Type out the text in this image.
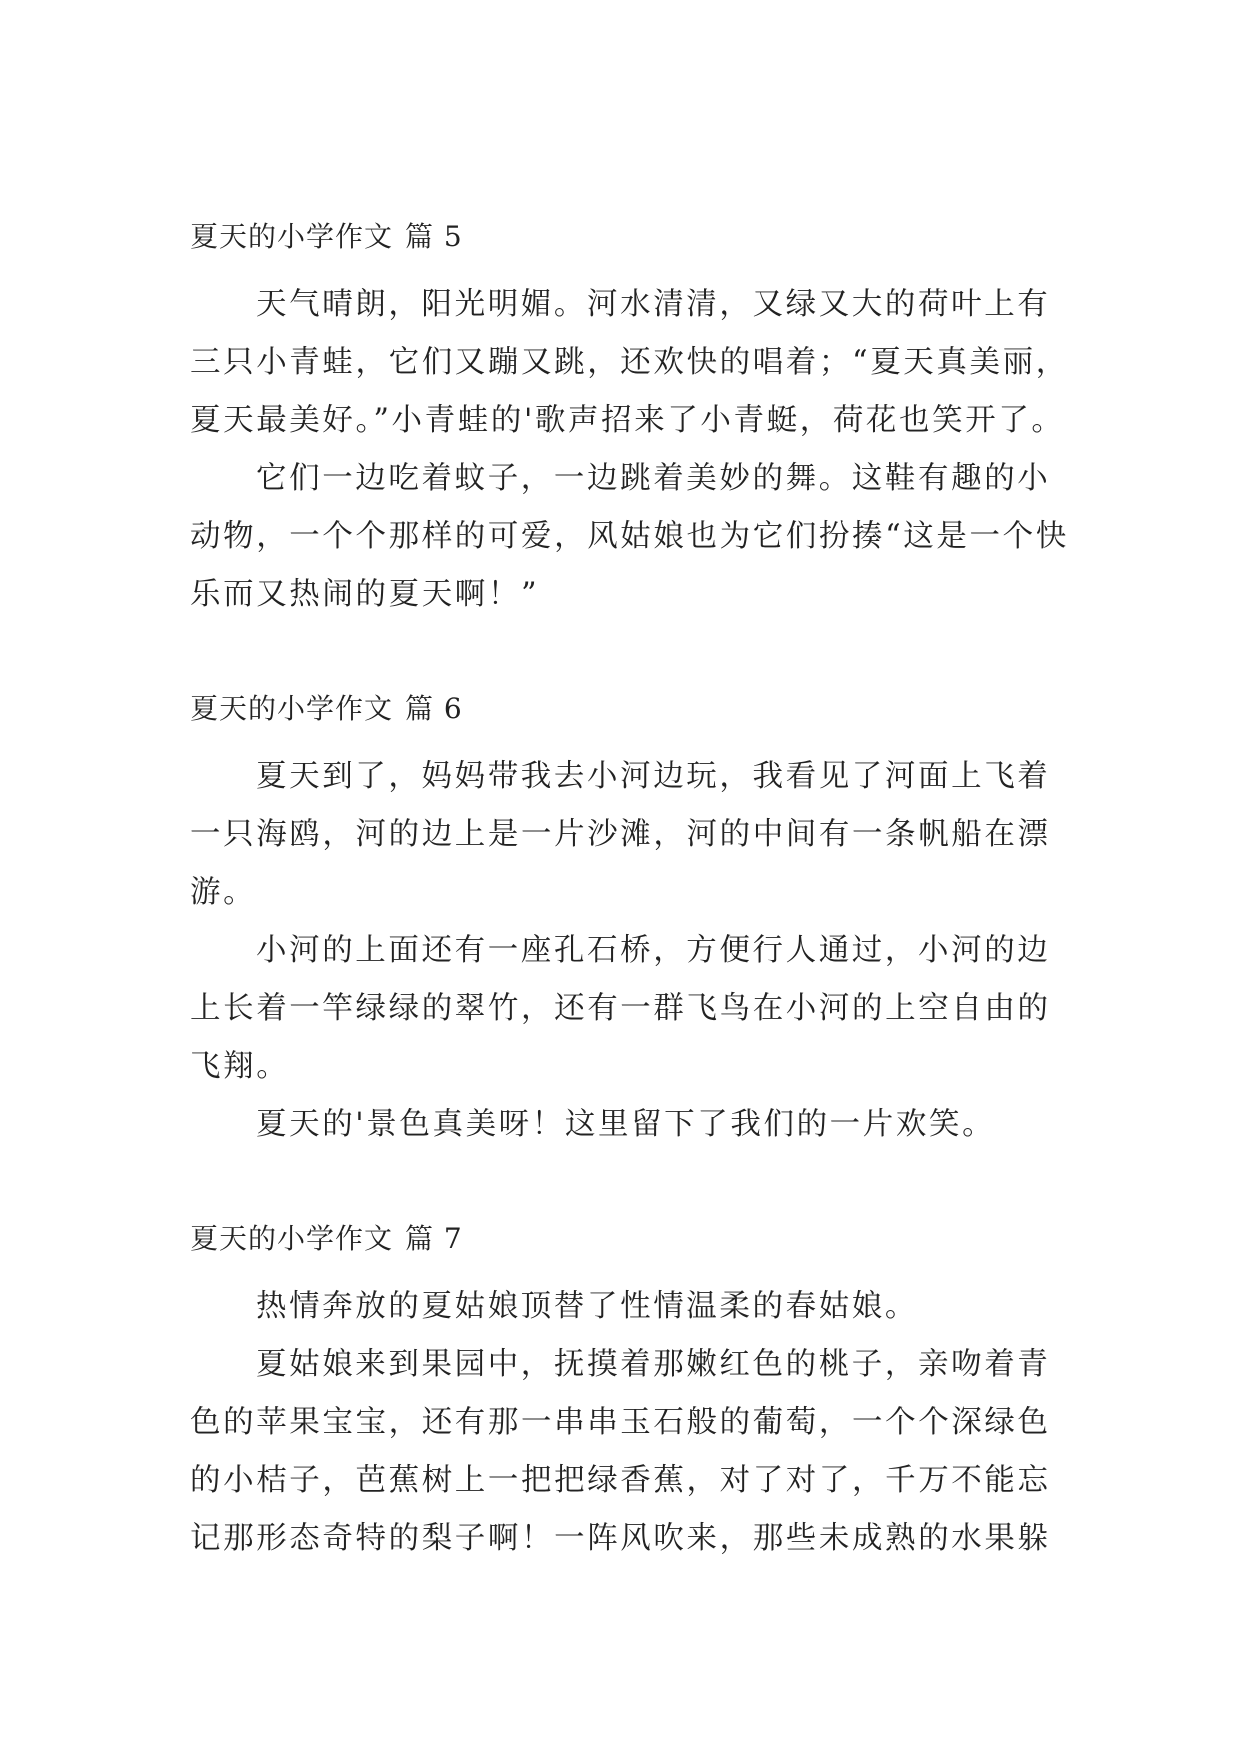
夏天的小学作文 篇 5

天气晴朗，阳光明媚。河水清清，又绿又大的荷叶上有三只小青蛙，它们又蹦又跳，还欢快的唱着；“夏天真美丽，夏天最美好。”小青蛙的'歌声招来了小青蜓，荷花也笑开了。

它们一边吃着蚊子，一边跳着美妙的舞。这鞋有趣的小动物，一个个那样的可爱，风姑娘也为它们扮揍“这是一个快乐而又热闹的夏天啊！”

夏天的小学作文 篇 6

夏天到了，妈妈带我去小河边玩，我看见了河面上飞着一只海鸥，河的边上是一片沙滩，河的中间有一条帆船在漂游。

小河的上面还有一座孔石桥，方便行人通过，小河的边上长着一竿绿绿的翠竹，还有一群飞鸟在小河的上空自由的飞翔。

夏天的'景色真美呀！这里留下了我们的一片欢笑。

夏天的小学作文 篇 7

热情奔放的夏姑娘顶替了性情温柔的春姑娘。

夏姑娘来到果园中，抚摸着那嫩红色的桃子，亲吻着青色的苹果宝宝，还有那一串串玉石般的葡萄，一个个深绿色的小桔子，芭蕉树上一把把绿香蕉，对了对了，千万不能忘记那形态奇特的梨子啊！一阵风吹来，那些未成熟的水果躲
